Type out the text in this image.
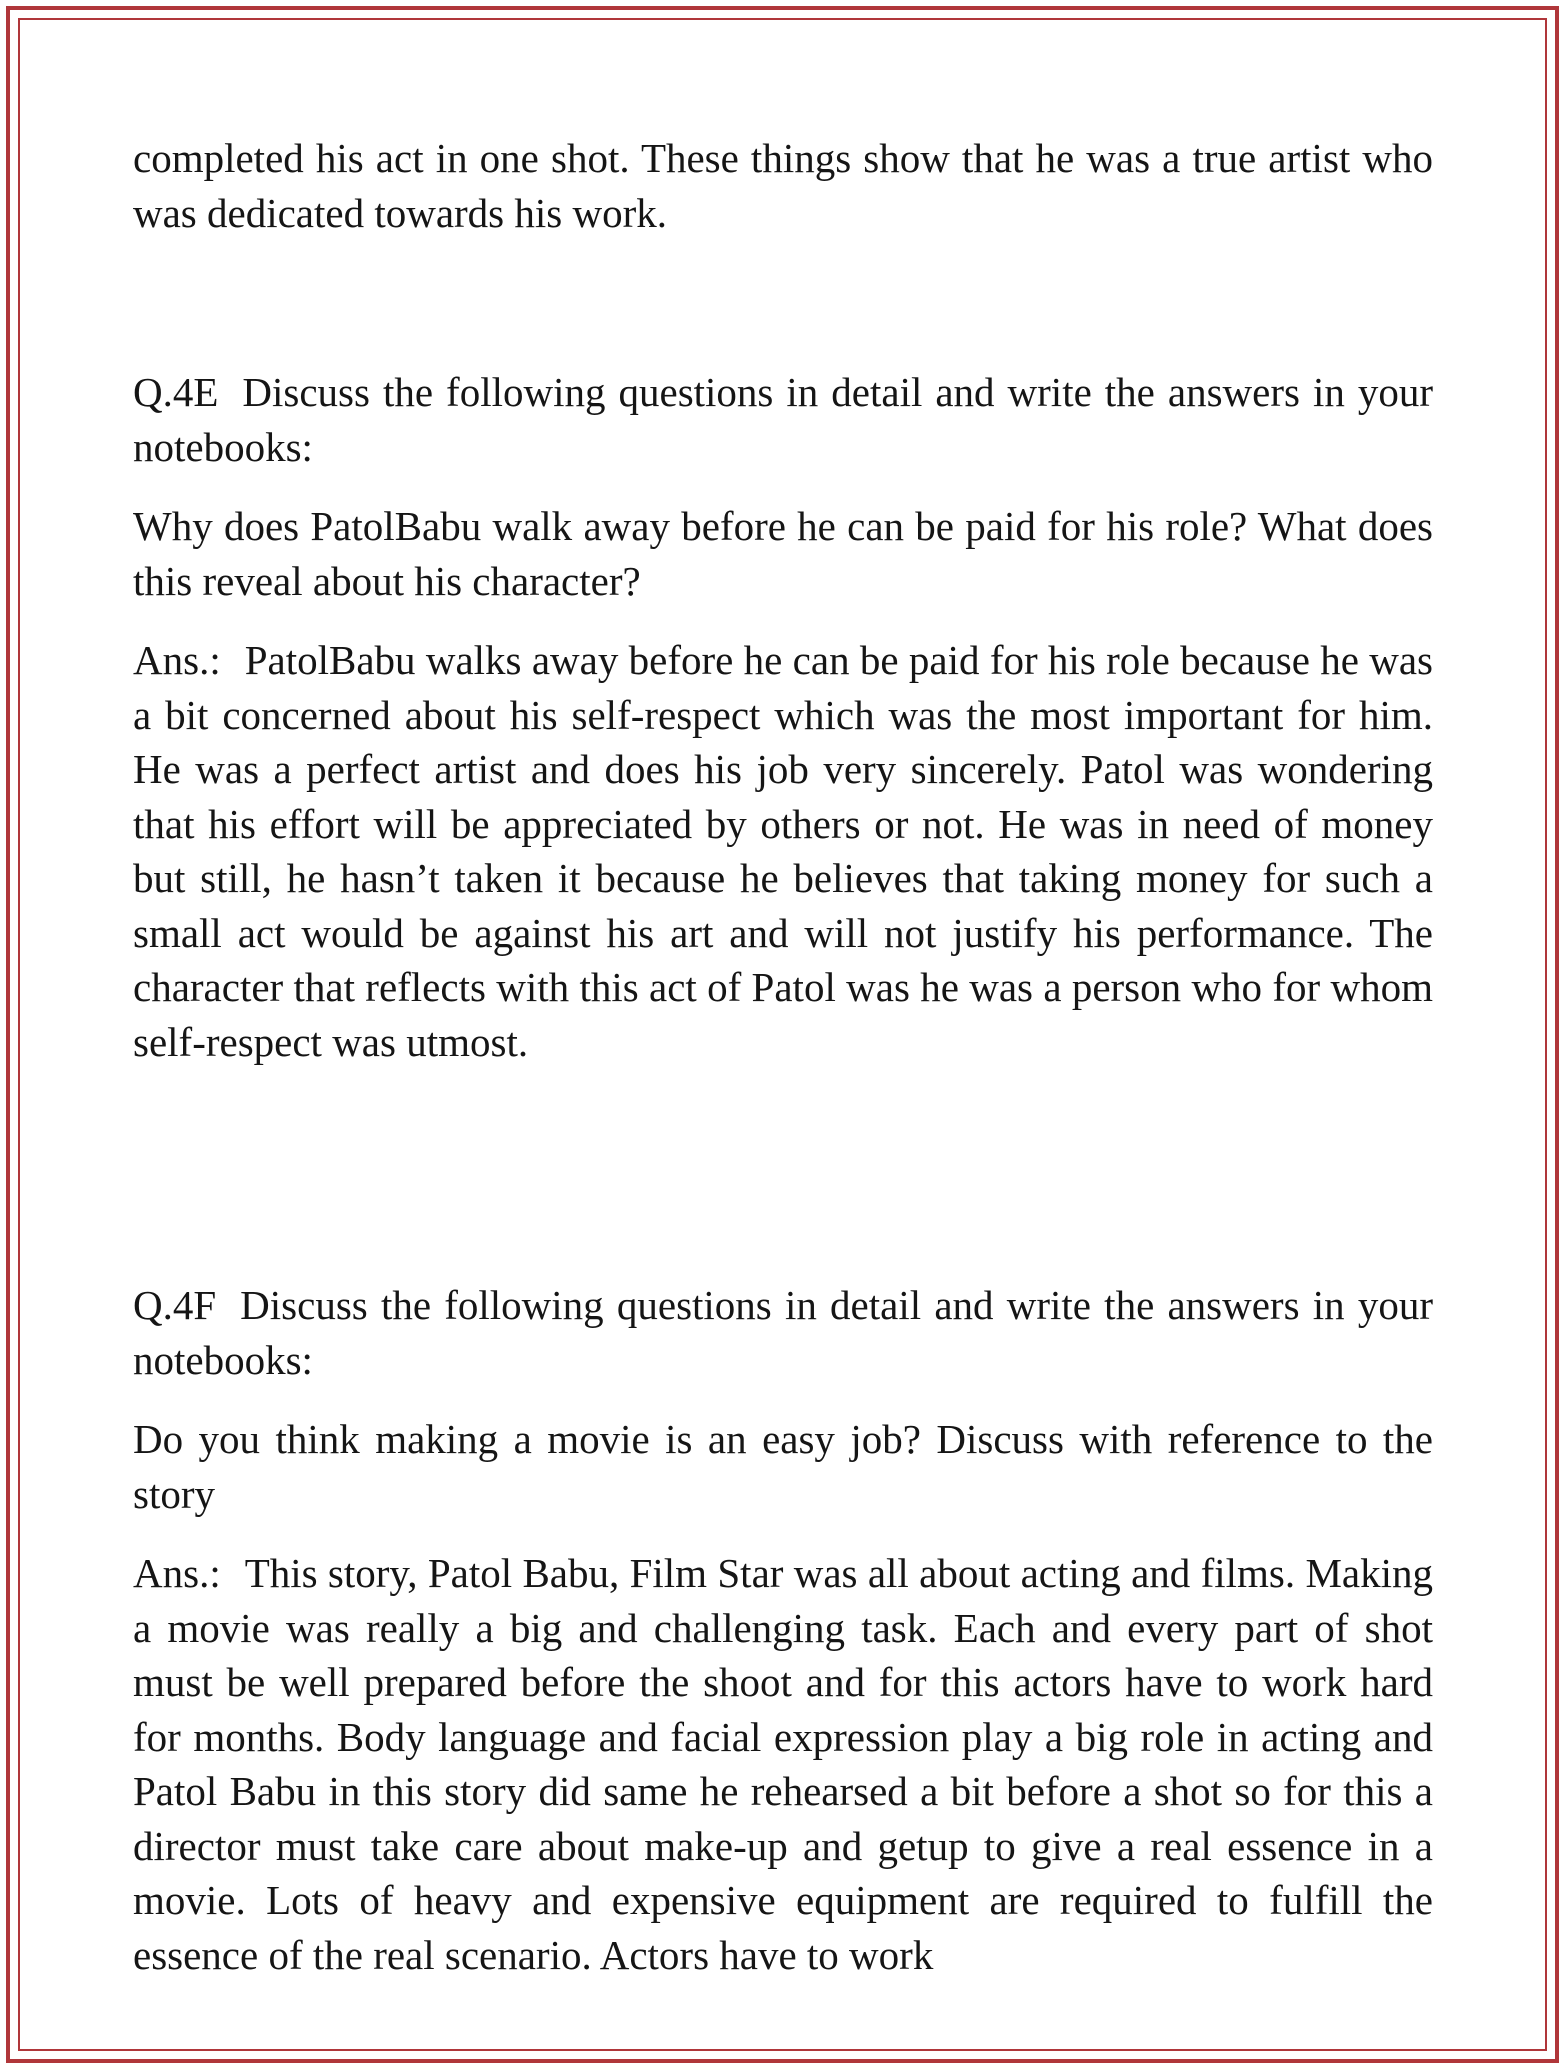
completed his act in one shot. These things show that he was a true artist who was dedicated towards his work.

Q.4E Discuss the following questions in detail and write the answers in your notebooks:

Why does PatolBabu walk away before he can be paid for his role? What does this reveal about his character?

Ans.: PatolBabu walks away before he can be paid for his role because he was a bit concerned about his self-respect which was the most important for him. He was a perfect artist and does his job very sincerely. Patol was wondering that his effort will be appreciated by others or not. He was in need of money but still, he hasn’t taken it because he believes that taking money for such a small act would be against his art and will not justify his performance. The character that reflects with this act of Patol was he was a person who for whom self-respect was utmost.

Q.4F Discuss the following questions in detail and write the answers in your notebooks:

Do you think making a movie is an easy job? Discuss with reference to the story

Ans.: This story, Patol Babu, Film Star was all about acting and films. Making a movie was really a big and challenging task. Each and every part of shot must be well prepared before the shoot and for this actors have to work hard for months. Body language and facial expression play a big role in acting and Patol Babu in this story did same he rehearsed a bit before a shot so for this a director must take care about make-up and getup to give a real essence in a movie. Lots of heavy and expensive equipment are required to fulfill the essence of the real scenario. Actors have to work
